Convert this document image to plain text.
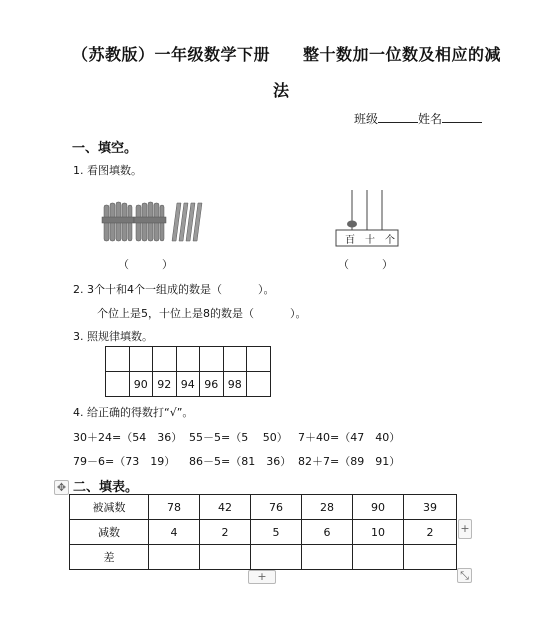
（苏教版）一年级数学下册　　整十数加一位数及相应的减
法
班级	姓名
一、填空。
1. 看图填数。
（　　　）
百 十 个
（　　　）
2. 3个十和4个一组成的数是（	）。
个位上是5，十位上是8的数是（	）。
3. 照规律填数。

	90	92	94	96	98	
4. 给正确的得数打“√”。
30＋24=（54　36） 55－5=（5　 50） 7＋40=（47　40）
79－6=（73　19） 86－5=（81　36） 82＋7=（89　91）
✥ 二、填表。
被减数	78	42	76	28	90	39
减数	4	2	5	6	10	2
差						
+
+	⤡
